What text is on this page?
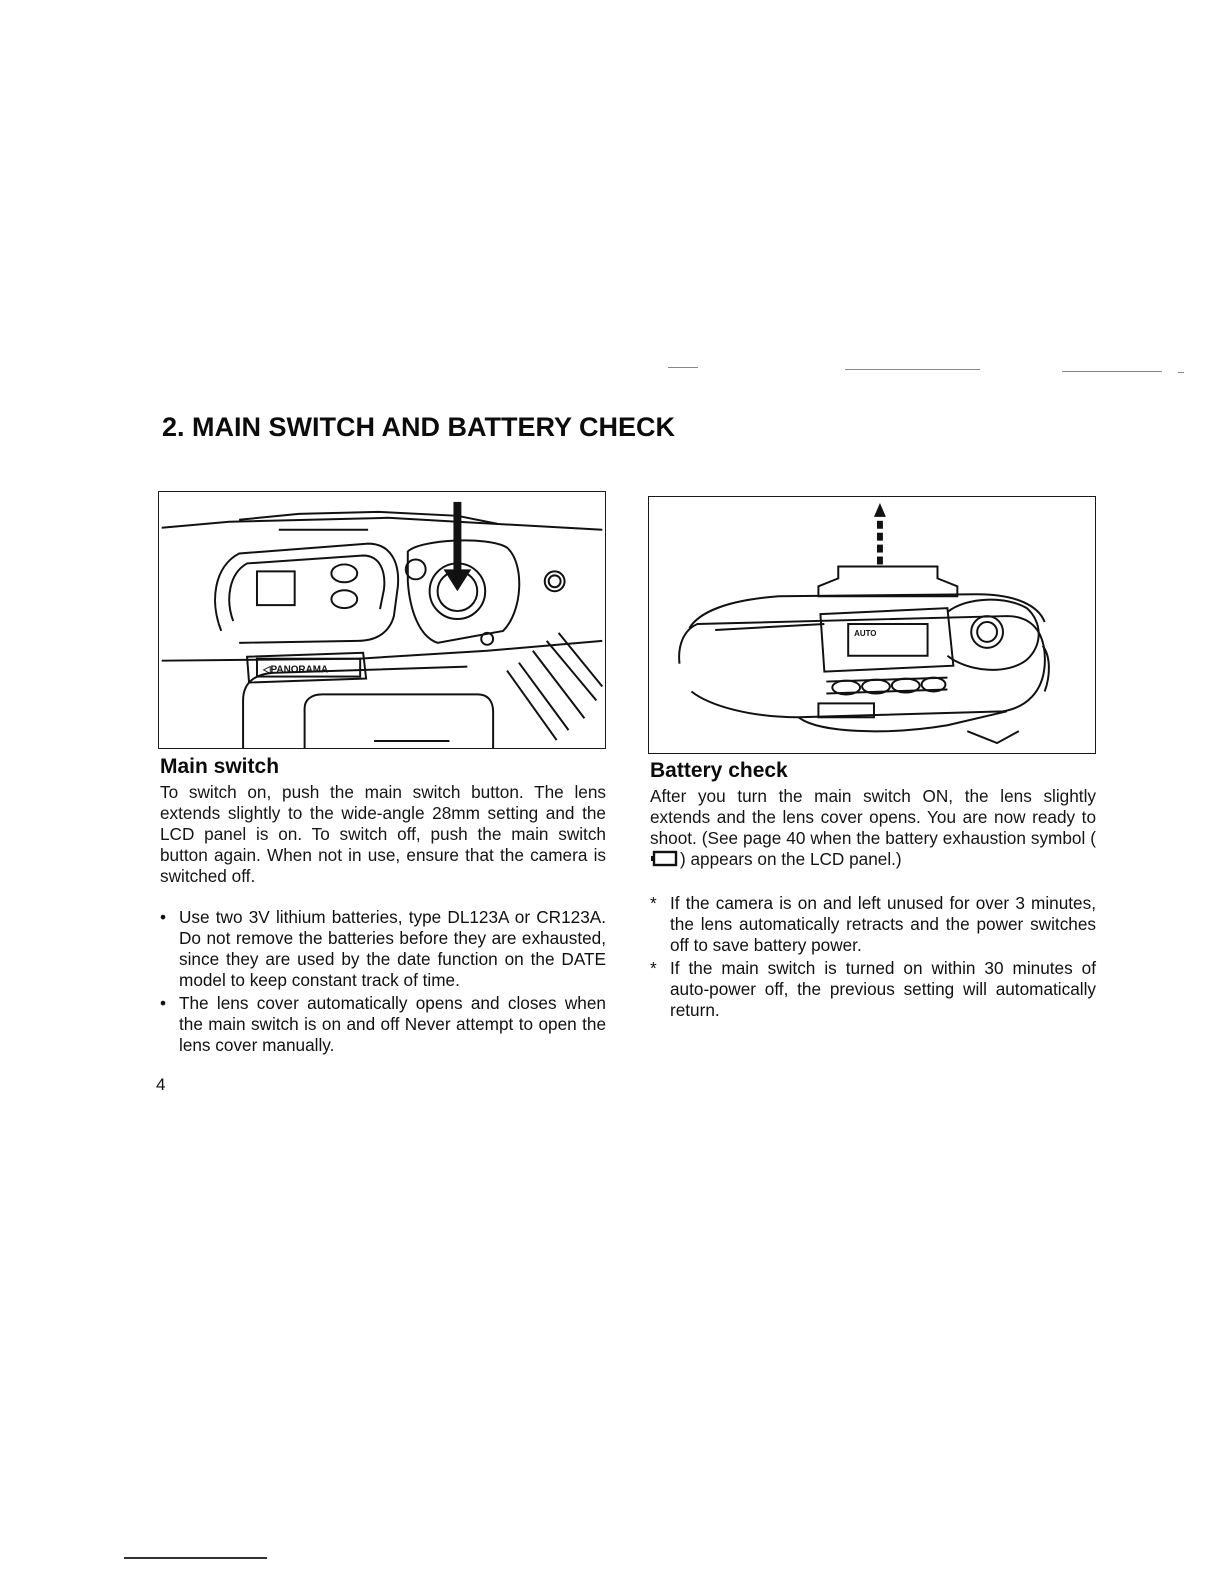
2. MAIN SWITCH AND BATTERY CHECK
◁PANORAMA
AUTO
Main switch

To switch on, push the main switch button. The lens extends slightly to the wide-angle 28mm setting and the LCD panel is on. To switch off, push the main switch button again. When not in use, ensure that the camera is switched off.

• Use two 3V lithium batteries, type DL123A or CR123A. Do not remove the batteries before they are exhausted, since they are used by the date function on the DATE model to keep constant track of time.
• The lens cover automatically opens and closes when the main switch is on and off Never attempt to open the lens cover manually.
Battery check

After you turn the main switch ON, the lens slightly extends and the lens cover opens. You are now ready to shoot. (See page 40 when the battery exhaustion symbol () appears on the LCD panel.)

* If the camera is on and left unused for over 3 minutes, the lens automatically retracts and the power switches off to save battery power.
* If the main switch is turned on within 30 minutes of auto-power off, the previous setting will automatically return.
4
